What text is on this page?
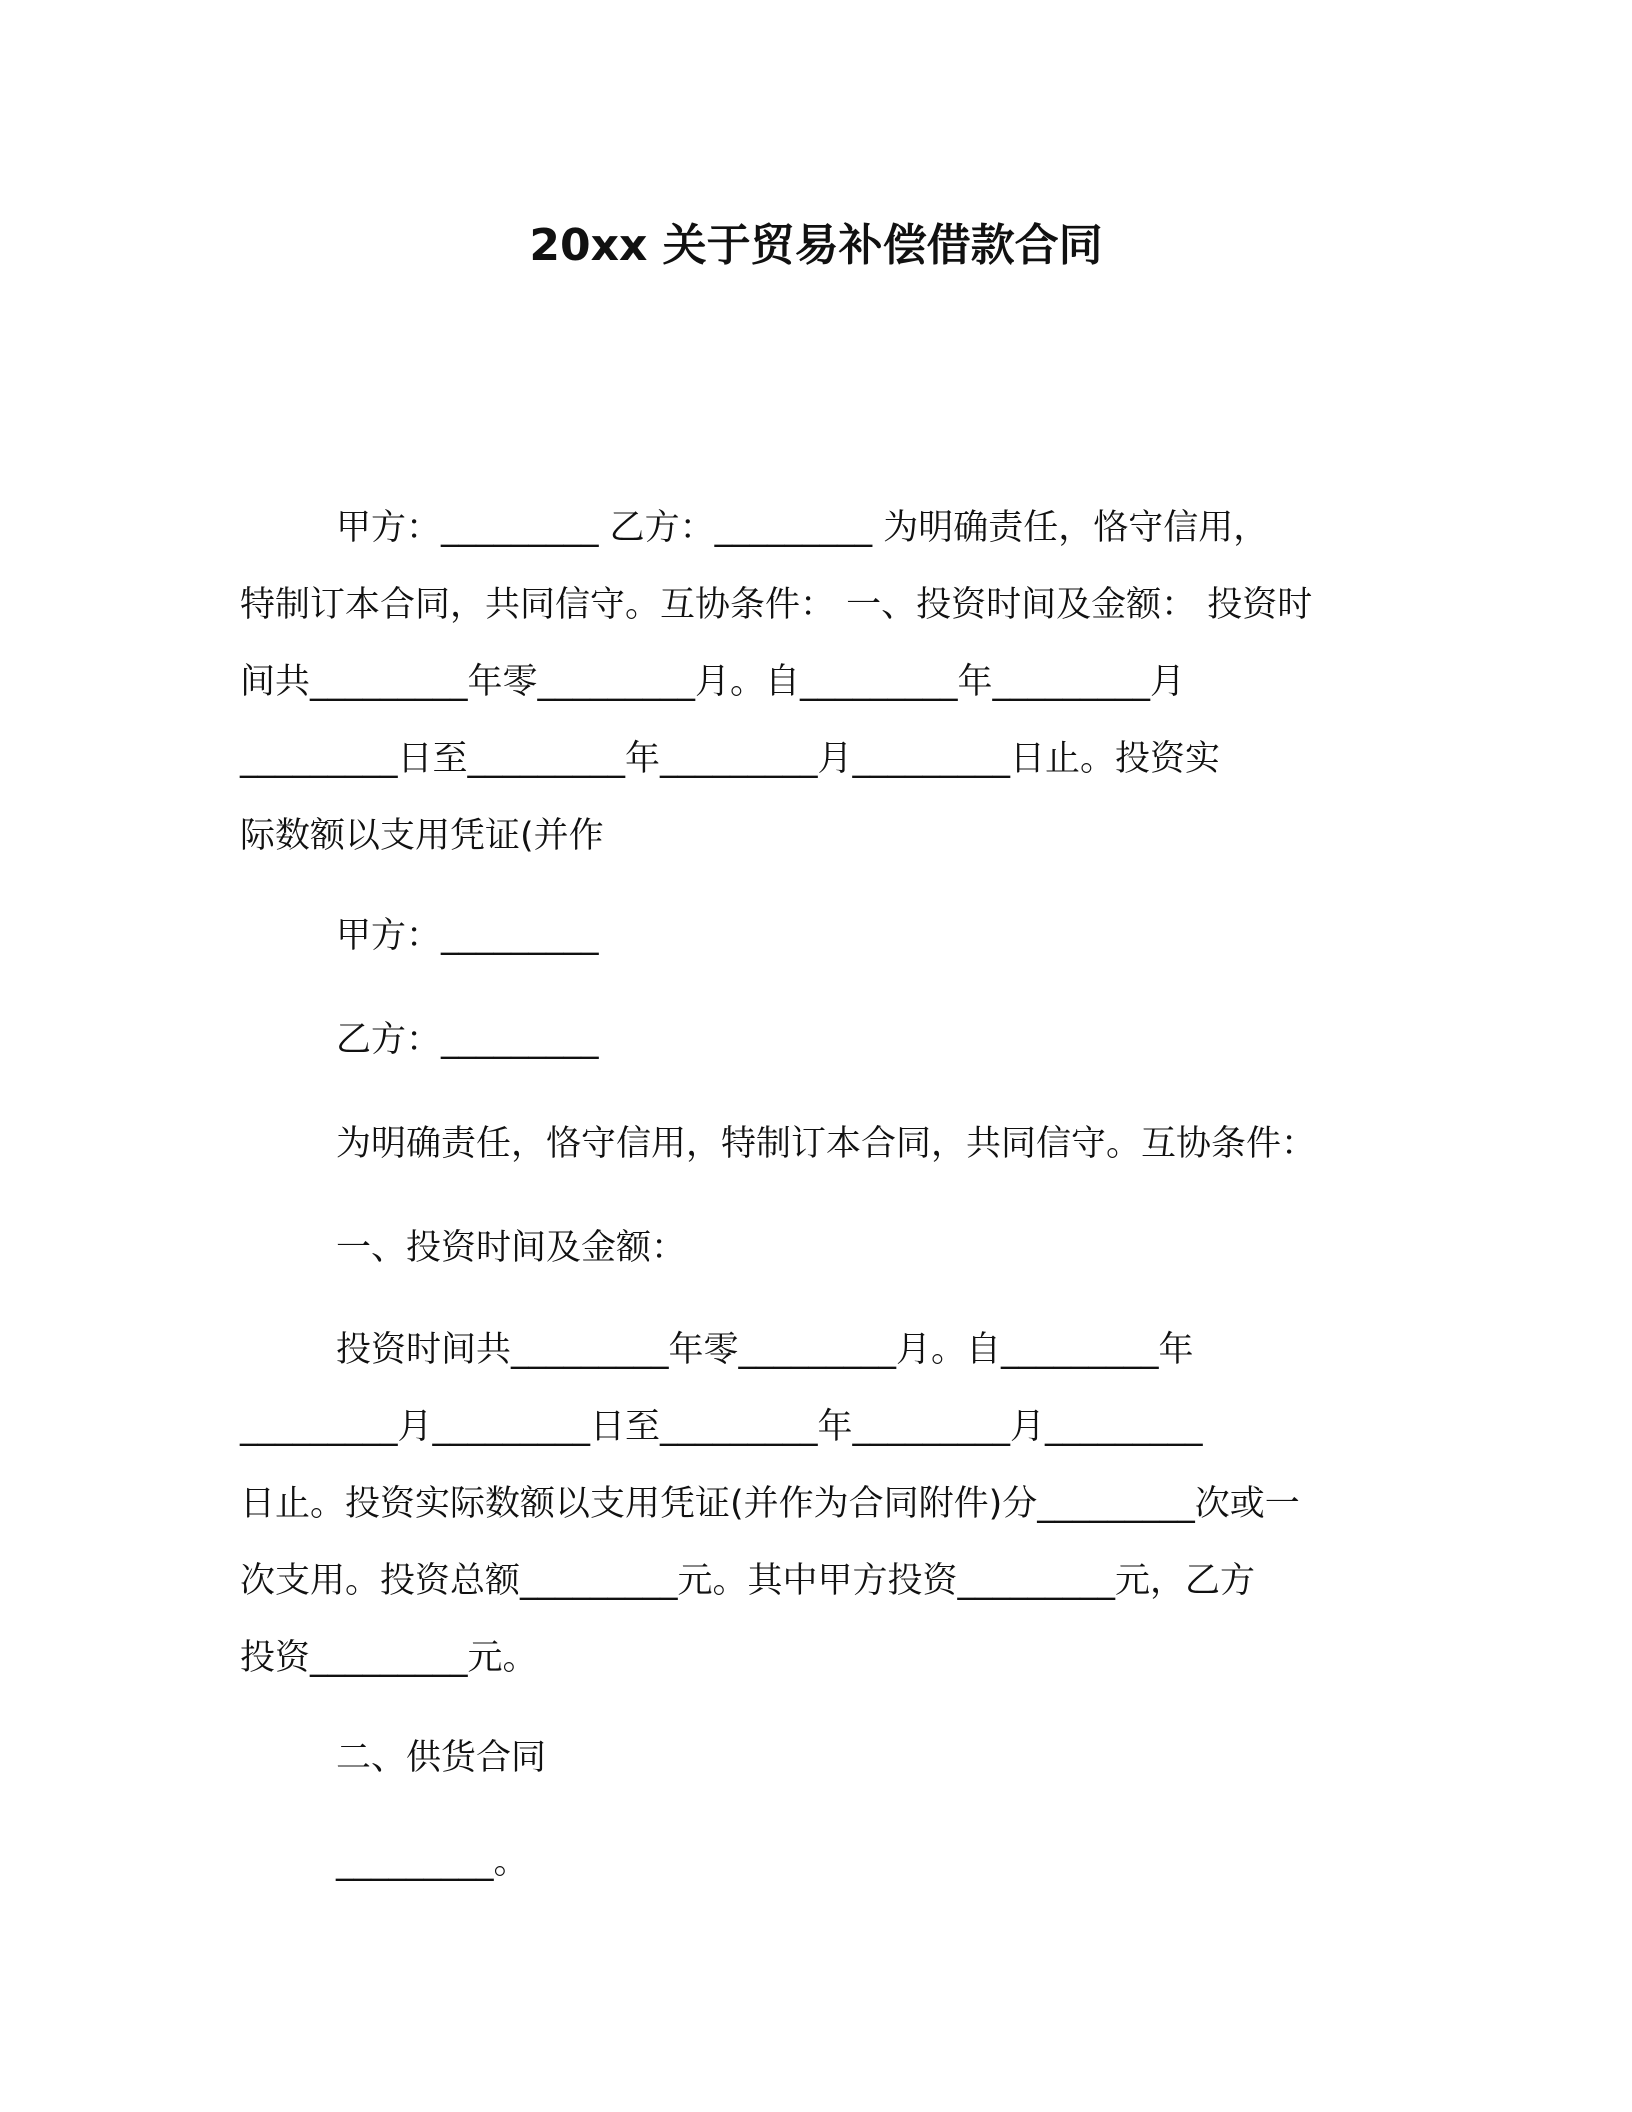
20xx 关于贸易补偿借款合同
甲方：_________ 乙方：_________ 为明确责任，恪守信用，
特制订本合同，共同信守。互协条件： 一、投资时间及金额： 投资时
间共_________年零_________月。自_________年_________月
_________日至_________年_________月_________日止。投资实
际数额以支用凭证(并作
甲方：_________
乙方：_________
为明确责任，恪守信用，特制订本合同，共同信守。互协条件：
一、投资时间及金额：
投资时间共_________年零_________月。自_________年
_________月_________日至_________年_________月_________
日止。投资实际数额以支用凭证(并作为合同附件)分_________次或一
次支用。投资总额_________元。其中甲方投资_________元，乙方
投资_________元。
二、供货合同
_________。
